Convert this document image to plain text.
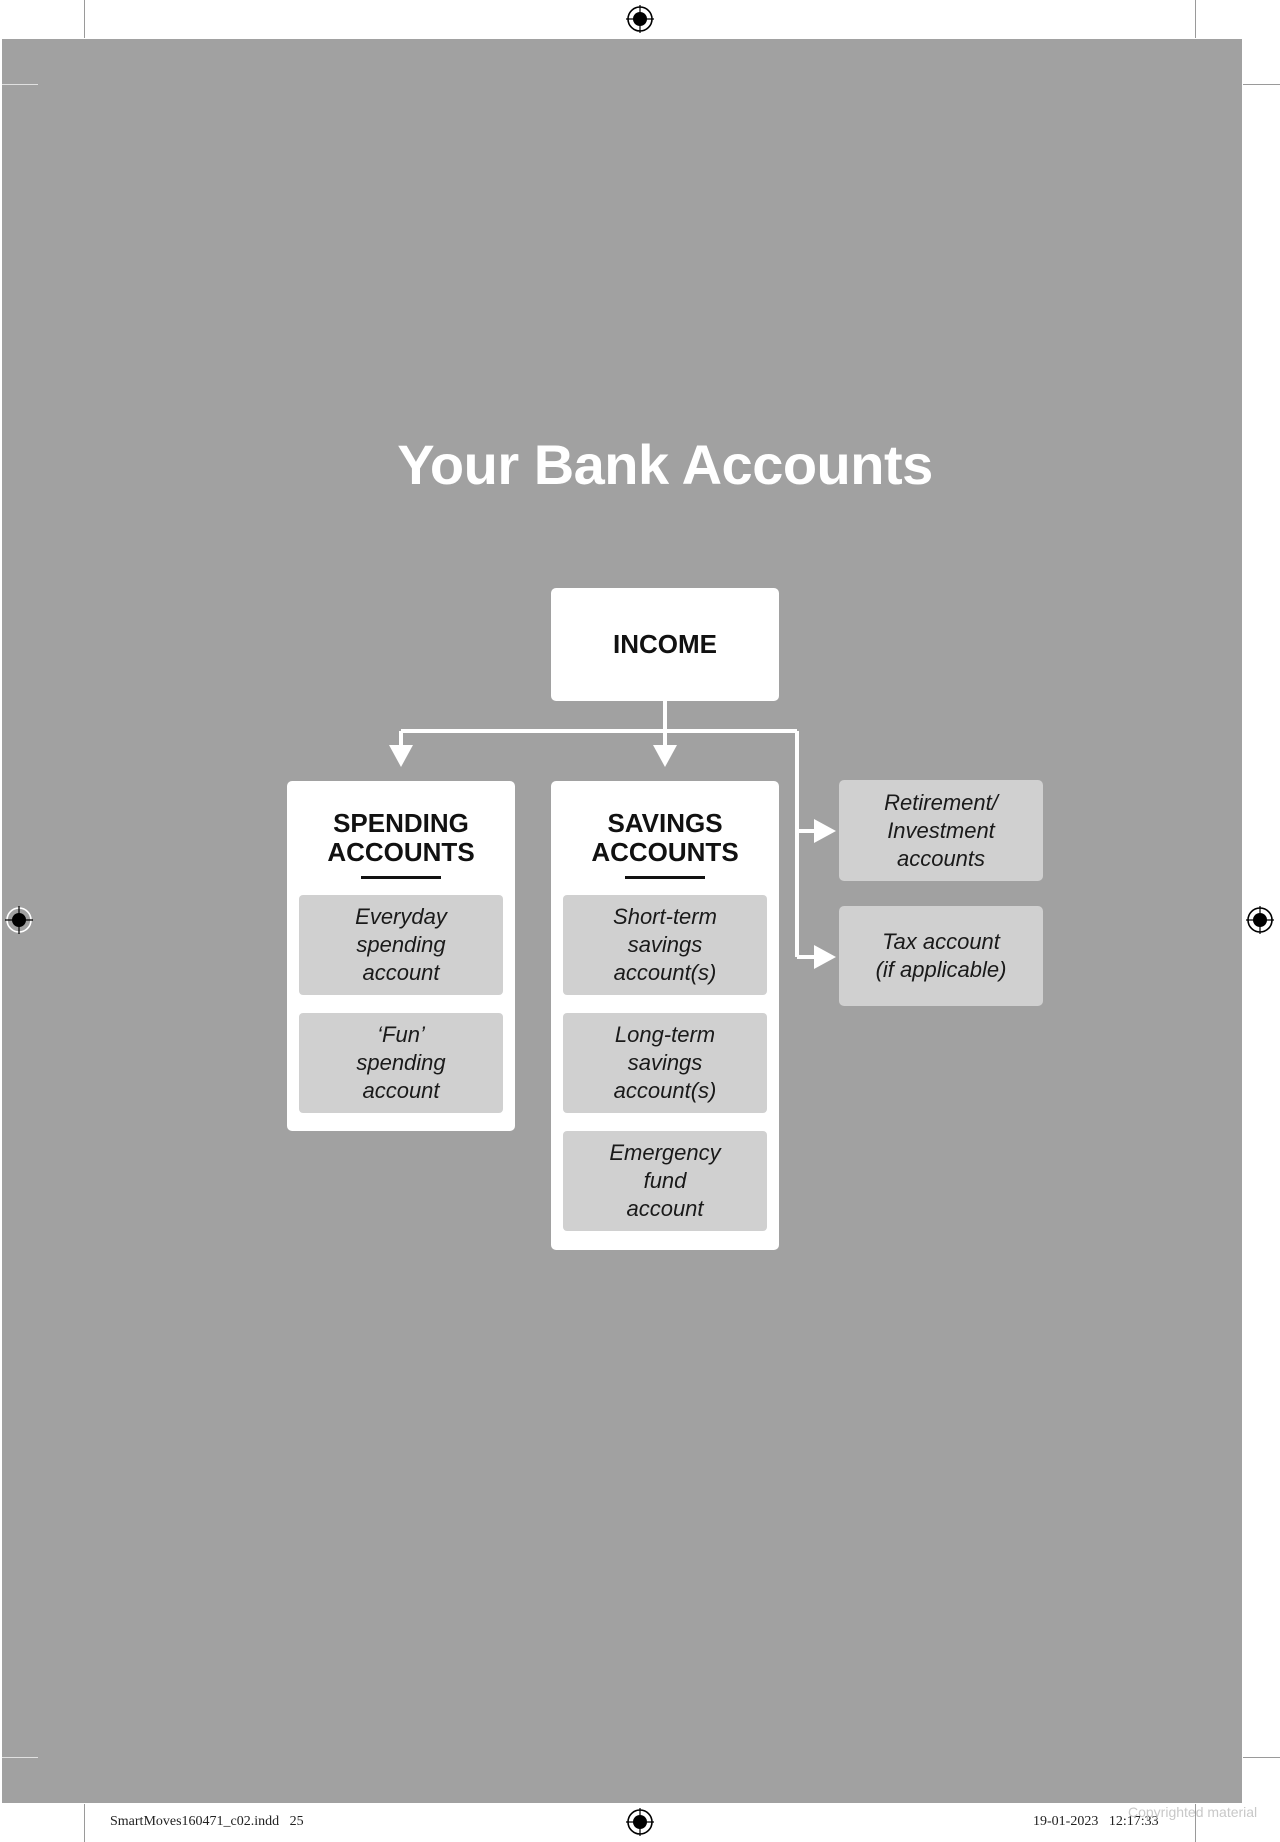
Your Bank Accounts
INCOME
SPENDING
ACCOUNTS
Everyday
spending
account
‘Fun’
spending
account
SAVINGS
ACCOUNTS
Short-term
savings
account(s)
Long-term
savings
account(s)
Emergency
fund
account
Retirement/
Investment
accounts
Tax account
(if applicable)
SmartMoves160471_c02.indd   25	19-01-2023   12:17:33
Copyrighted material
